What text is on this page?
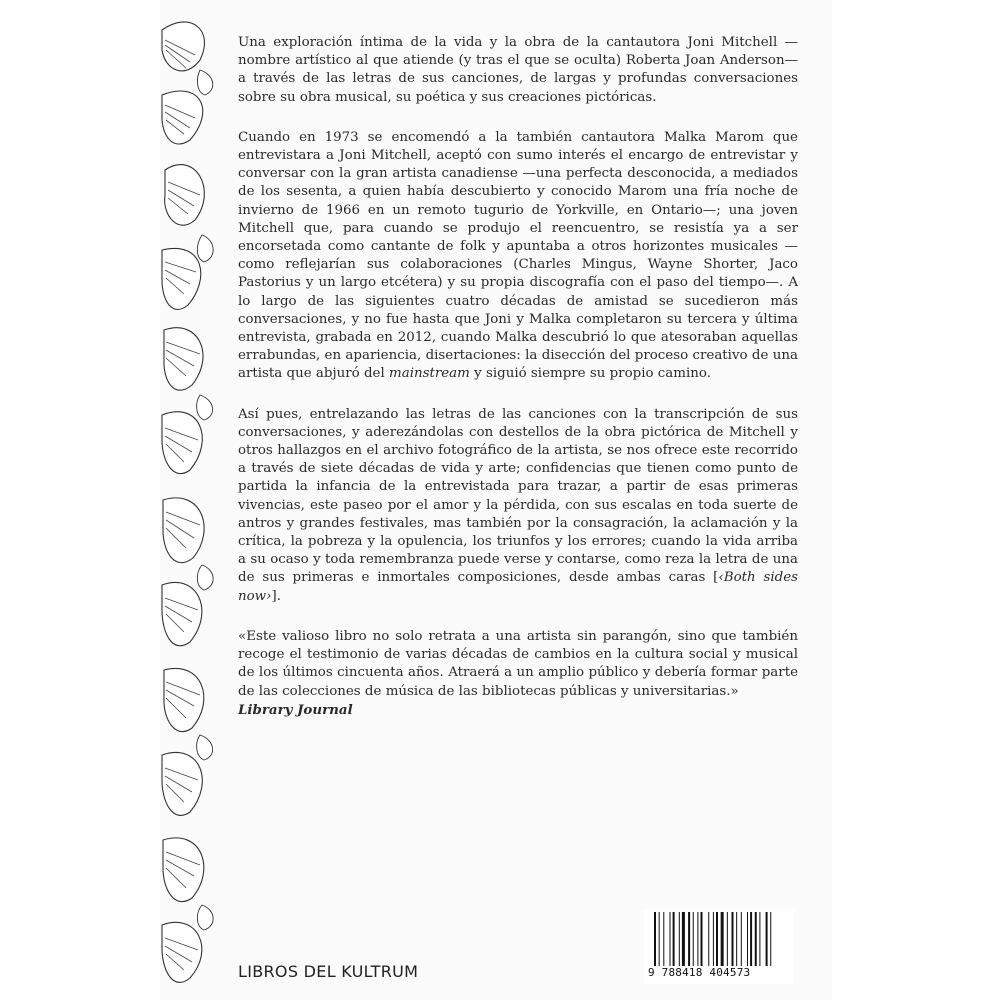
Una exploración íntima de la vida y la obra de la cantautora Joni Mitchell —nombre artístico al que atiende (y tras el que se oculta) Roberta Joan Anderson— a través de las letras de sus canciones, de largas y profundas conversaciones sobre su obra musical, su poética y sus creaciones pictóricas.

Cuando en 1973 se encomendó a la también cantautora Malka Marom que entrevistara a Joni Mitchell, aceptó con sumo interés el encargo de entrevistar y conversar con la gran artista canadiense —una perfecta desconocida, a mediados de los sesenta, a quien había descubierto y conocido Marom una fría noche de invierno de 1966 en un remoto tugurio de Yorkville, en Ontario—; una joven Mitchell que, para cuando se produjo el reencuentro, se resistía ya a ser encorsetada como cantante de folk y apuntaba a otros horizontes musicales —como reflejarían sus colaboraciones (Charles Mingus, Wayne Shorter, Jaco Pastorius y un largo etcétera) y su propia discografía con el paso del tiempo—. A lo largo de las siguientes cuatro décadas de amistad se sucedieron más conversaciones, y no fue hasta que Joni y Malka completaron su tercera y última entrevista, grabada en 2012, cuando Malka descubrió lo que atesoraban aquellas errabundas, en apariencia, disertaciones: la disección del proceso creativo de una artista que abjuró del mainstream y siguió siempre su propio camino.

Así pues, entrelazando las letras de las canciones con la transcripción de sus conversaciones, y aderezándolas con destellos de la obra pictórica de Mitchell y otros hallazgos en el archivo fotográfico de la artista, se nos ofrece este recorrido a través de siete décadas de vida y arte; confidencias que tienen como punto de partida la infancia de la entrevistada para trazar, a partir de esas primeras vivencias, este paseo por el amor y la pérdida, con sus escalas en toda suerte de antros y grandes festivales, mas también por la consagración, la aclamación y la crítica, la pobreza y la opulencia, los triunfos y los errores; cuando la vida arriba a su ocaso y toda remembranza puede verse y contarse, como reza la letra de una de sus primeras e inmortales composiciones, desde ambas caras [‹Both sides now›].

«Este valioso libro no solo retrata a una artista sin parangón, sino que también recoge el testimonio de varias décadas de cambios en la cultura social y musical de los últimos cincuenta años. Atraerá a un amplio público y debería formar parte de las colecciones de música de las bibliotecas públicas y universitarias.»
Library Journal

LIBROS DEL KULTRUM	9 788418 404573
